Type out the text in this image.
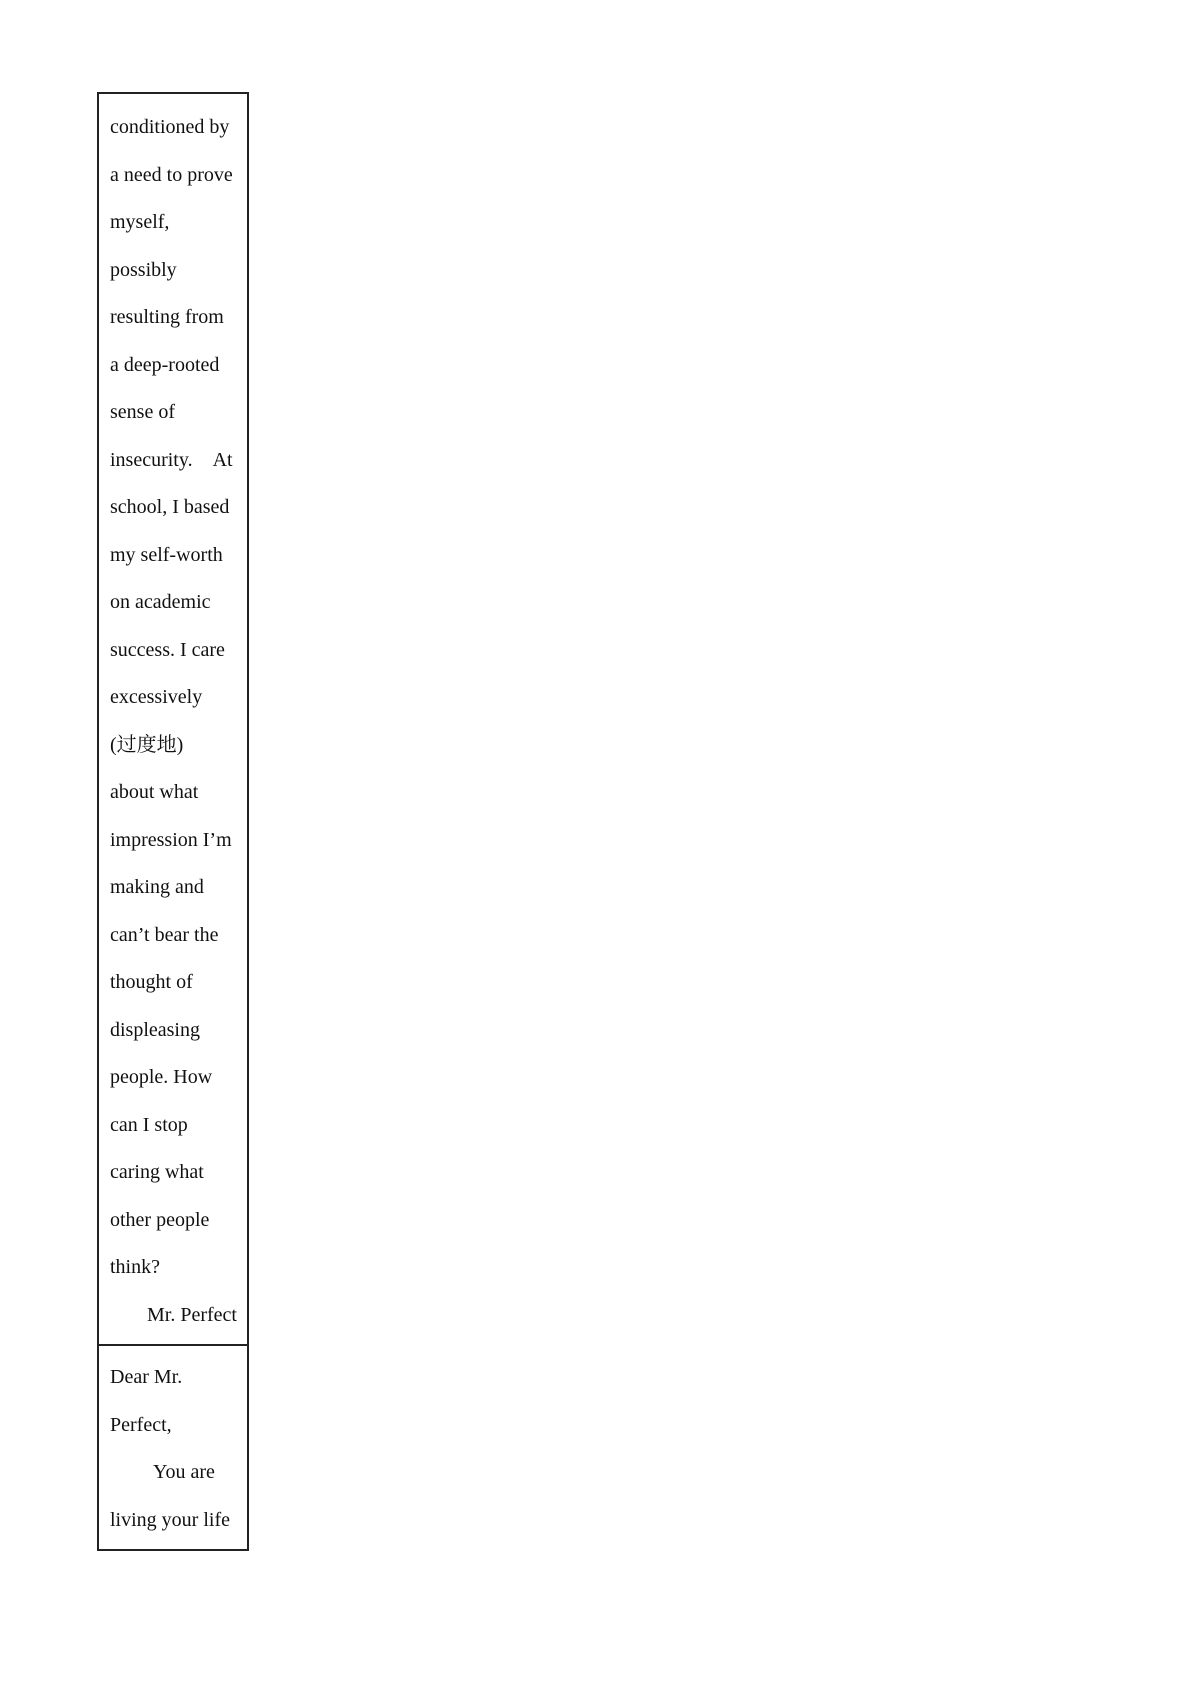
conditioned by
a need to prove
myself,
possibly
resulting from
a deep-rooted
sense of
insecurity.　At
school, I based
my self-worth
on academic
success. I care
excessively
(过度地)
about what
impression I’m
making and
can’t bear the
thought of
displeasing
people. How
can I stop
caring what
other people
think?
Mr. Perfect
Dear Mr.
Perfect,
You are
living your life
